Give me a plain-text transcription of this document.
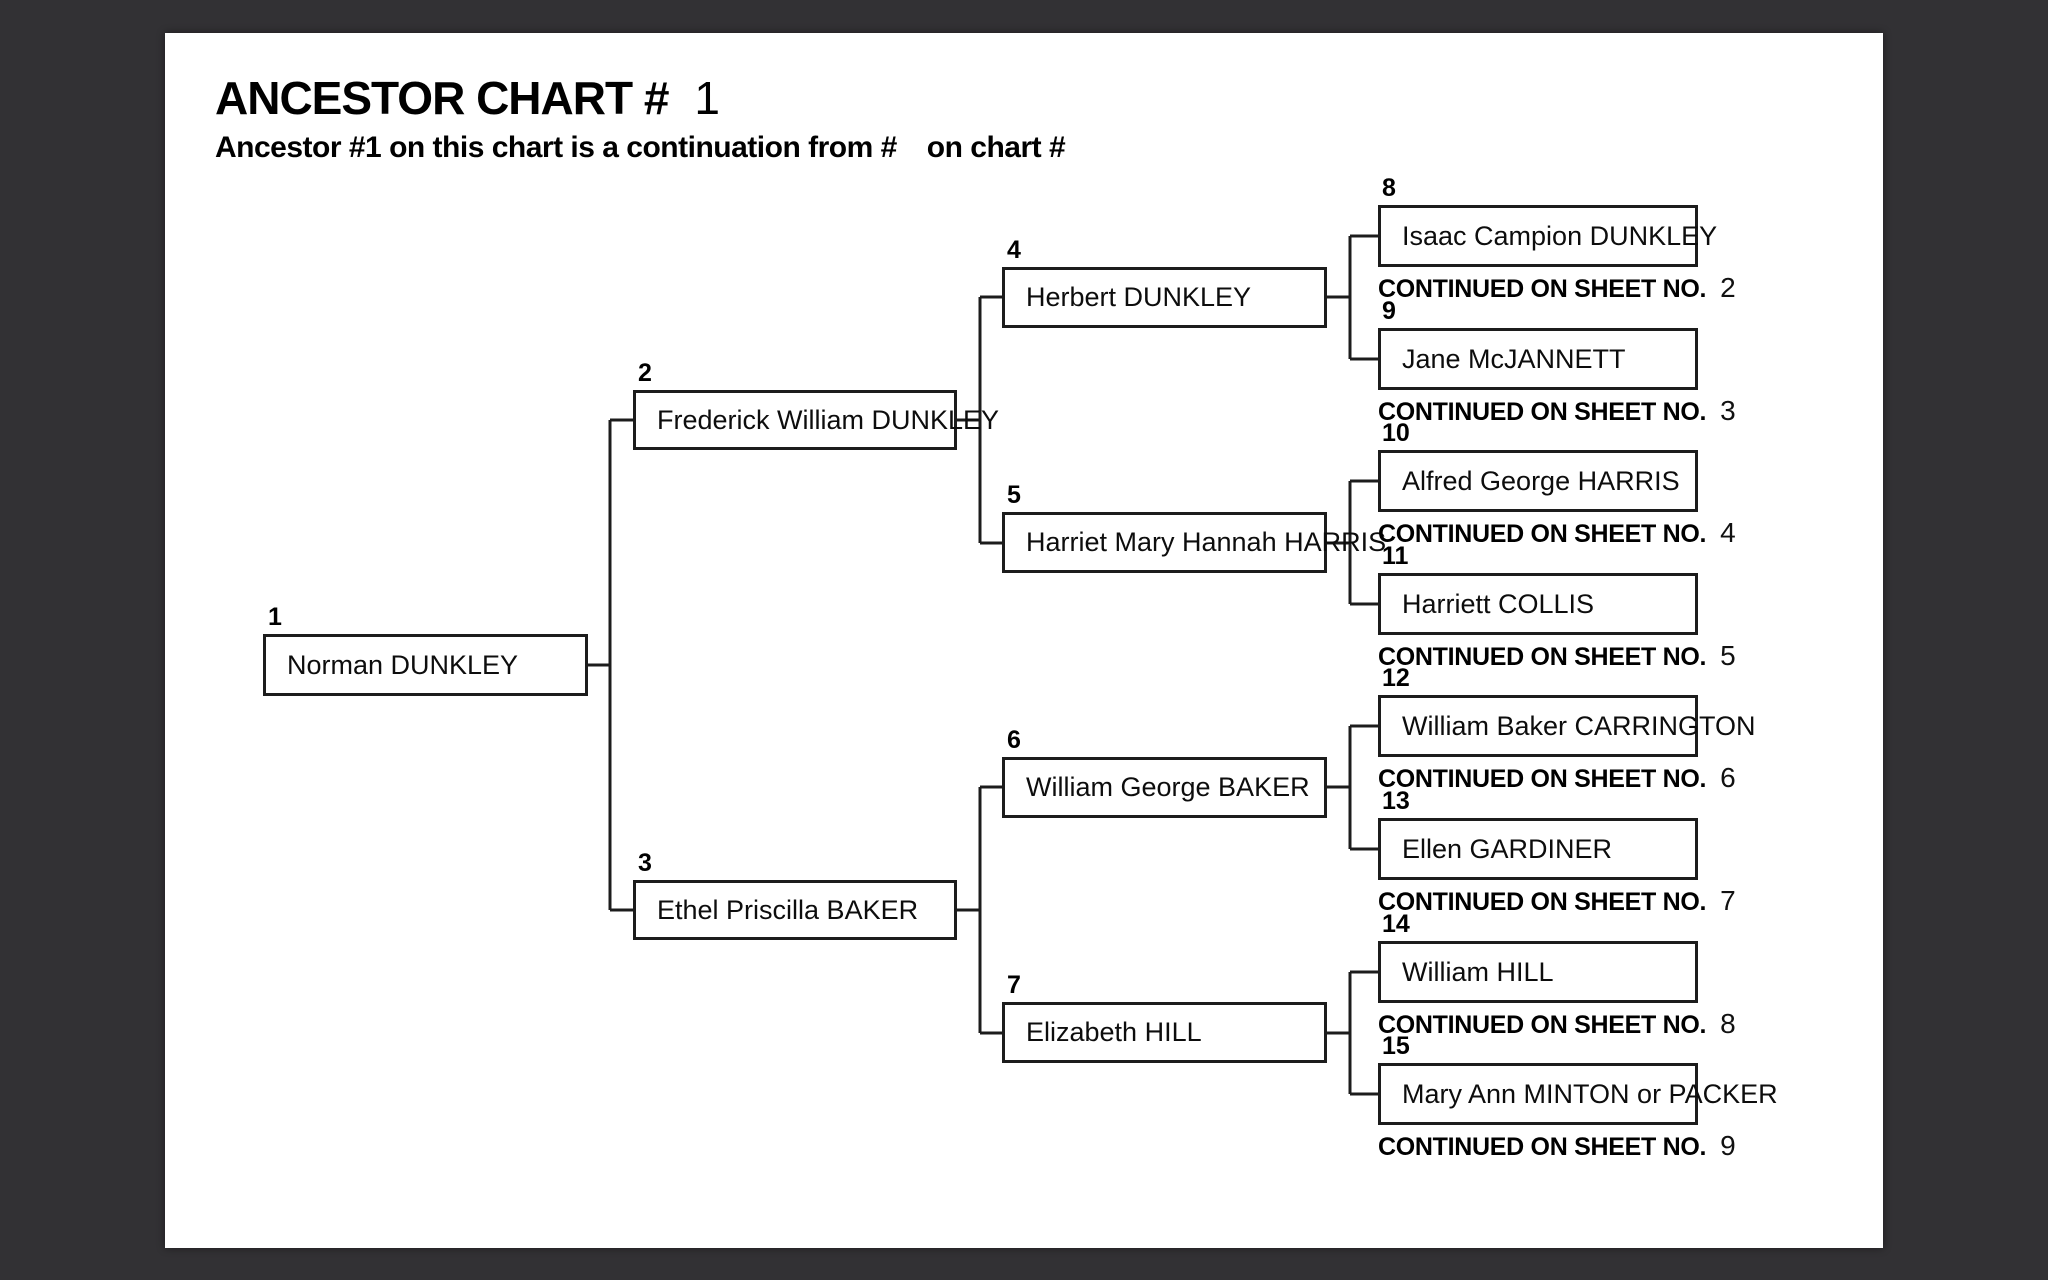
ANCESTOR CHART # 1
Ancestor #1 on this chart is a continuation from # on chart #
1
Norman DUNKLEY
2
Frederick William DUNKLEY
3
Ethel Priscilla BAKER
4
Herbert DUNKLEY
5
Harriet Mary Hannah HARRIS
6
William George BAKER
7
Elizabeth HILL
8
Isaac Campion DUNKLEY
CONTINUED ON SHEET NO. 2
9
Jane McJANNETT
CONTINUED ON SHEET NO. 3
10
Alfred George HARRIS
CONTINUED ON SHEET NO. 4
11
Harriett COLLIS
CONTINUED ON SHEET NO. 5
12
William Baker CARRINGTON
CONTINUED ON SHEET NO. 6
13
Ellen GARDINER
CONTINUED ON SHEET NO. 7
14
William HILL
CONTINUED ON SHEET NO. 8
15
Mary Ann MINTON or PACKER
CONTINUED ON SHEET NO. 9
